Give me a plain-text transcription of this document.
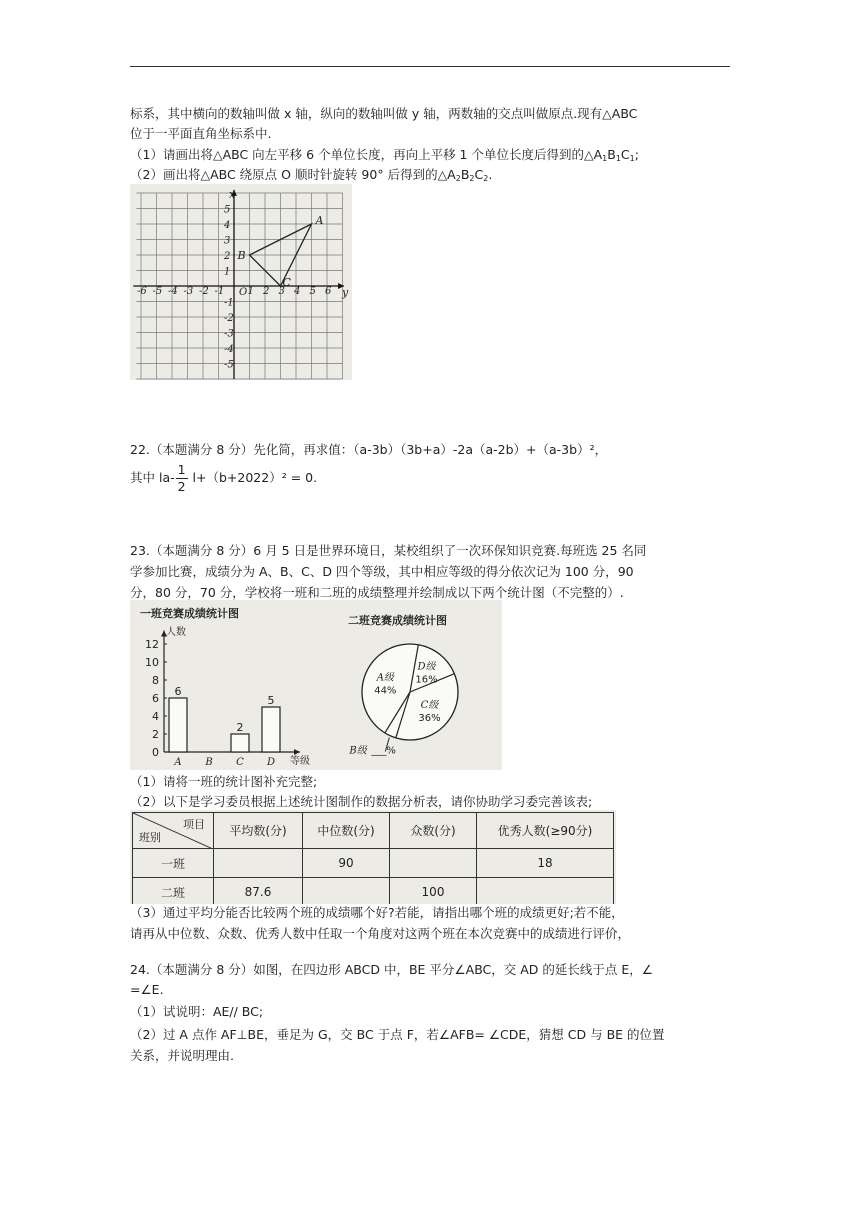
标系，其中横向的数轴叫做 x 轴，纵向的数轴叫做 y 轴，两数轴的交点叫做原点.现有△ABC
位于一平面直角坐标系中.
（1）请画出将△ABC 向左平移 6 个单位长度，再向上平移 1 个单位长度后得到的$\triangle A_1B_1C_1$;
（2）画出将△ABC 绕原点 O 顺时针旋转 90° 后得到的$\triangle A_2B_2C_2$.
-6 -5 -4 -3 -2 -1 1 2 3 4 5 6
5
4
3
2
1
-1
-2
-3
-4
-5
A
B
C
y
x
O
22.（本题满分 8 分）先化简，再求值：（a-3b）（3b+a）-2a（a-2b）+（a-3b）²，
其中 $la- \frac{1}{2} l+(b+2022)^2 = 0$.
23.（本题满分 8 分）6 月 5 日是世界环境日，某校组织了一次环保知识竞赛.每班选 25 名同
学参加比赛，成绩分为 A、B、C、D 四个等级，其中相应等级的得分依次记为 100 分，90
分，80 分，70 分，学校将一班和二班的成绩整理并绘制成以下两个统计图（不完整的）.
一班竞赛成绩统计图
人数
等级
0
2
4
6
8
10
12
6
2
5
A B C D
二班竞赛成绩统计图
A级
44%
B级 ___%
C级
36%
D级
16%
（1）请将一班的统计图补充完整;
（2）以下是学习委员根据上述统计图制作的数据分析表，请你协助学习委完善该表;
项目
班别	平均数(分)	中位数(分)	众数(分)	优秀人数(≥90分)
一班		90		18
二班	87.6		100	
（3）通过平均分能否比较两个班的成绩哪个好?若能，请指出哪个班的成绩更好;若不能，
请再从中位数、众数、优秀人数中任取一个角度对这两个班在本次竞赛中的成绩进行评价，
24.（本题满分 8 分）如图，在四边形 ABCD 中，BE 平分∠ABC，交 AD 的延长线于点 E，∠
=∠E.
（1）试说明：AE// BC;
（2）过 A 点作 AF⊥BE，垂足为 G，交 BC 于点 F，若∠AFB= ∠CDE，猜想 CD 与 BE 的位置
关系，并说明理由.
